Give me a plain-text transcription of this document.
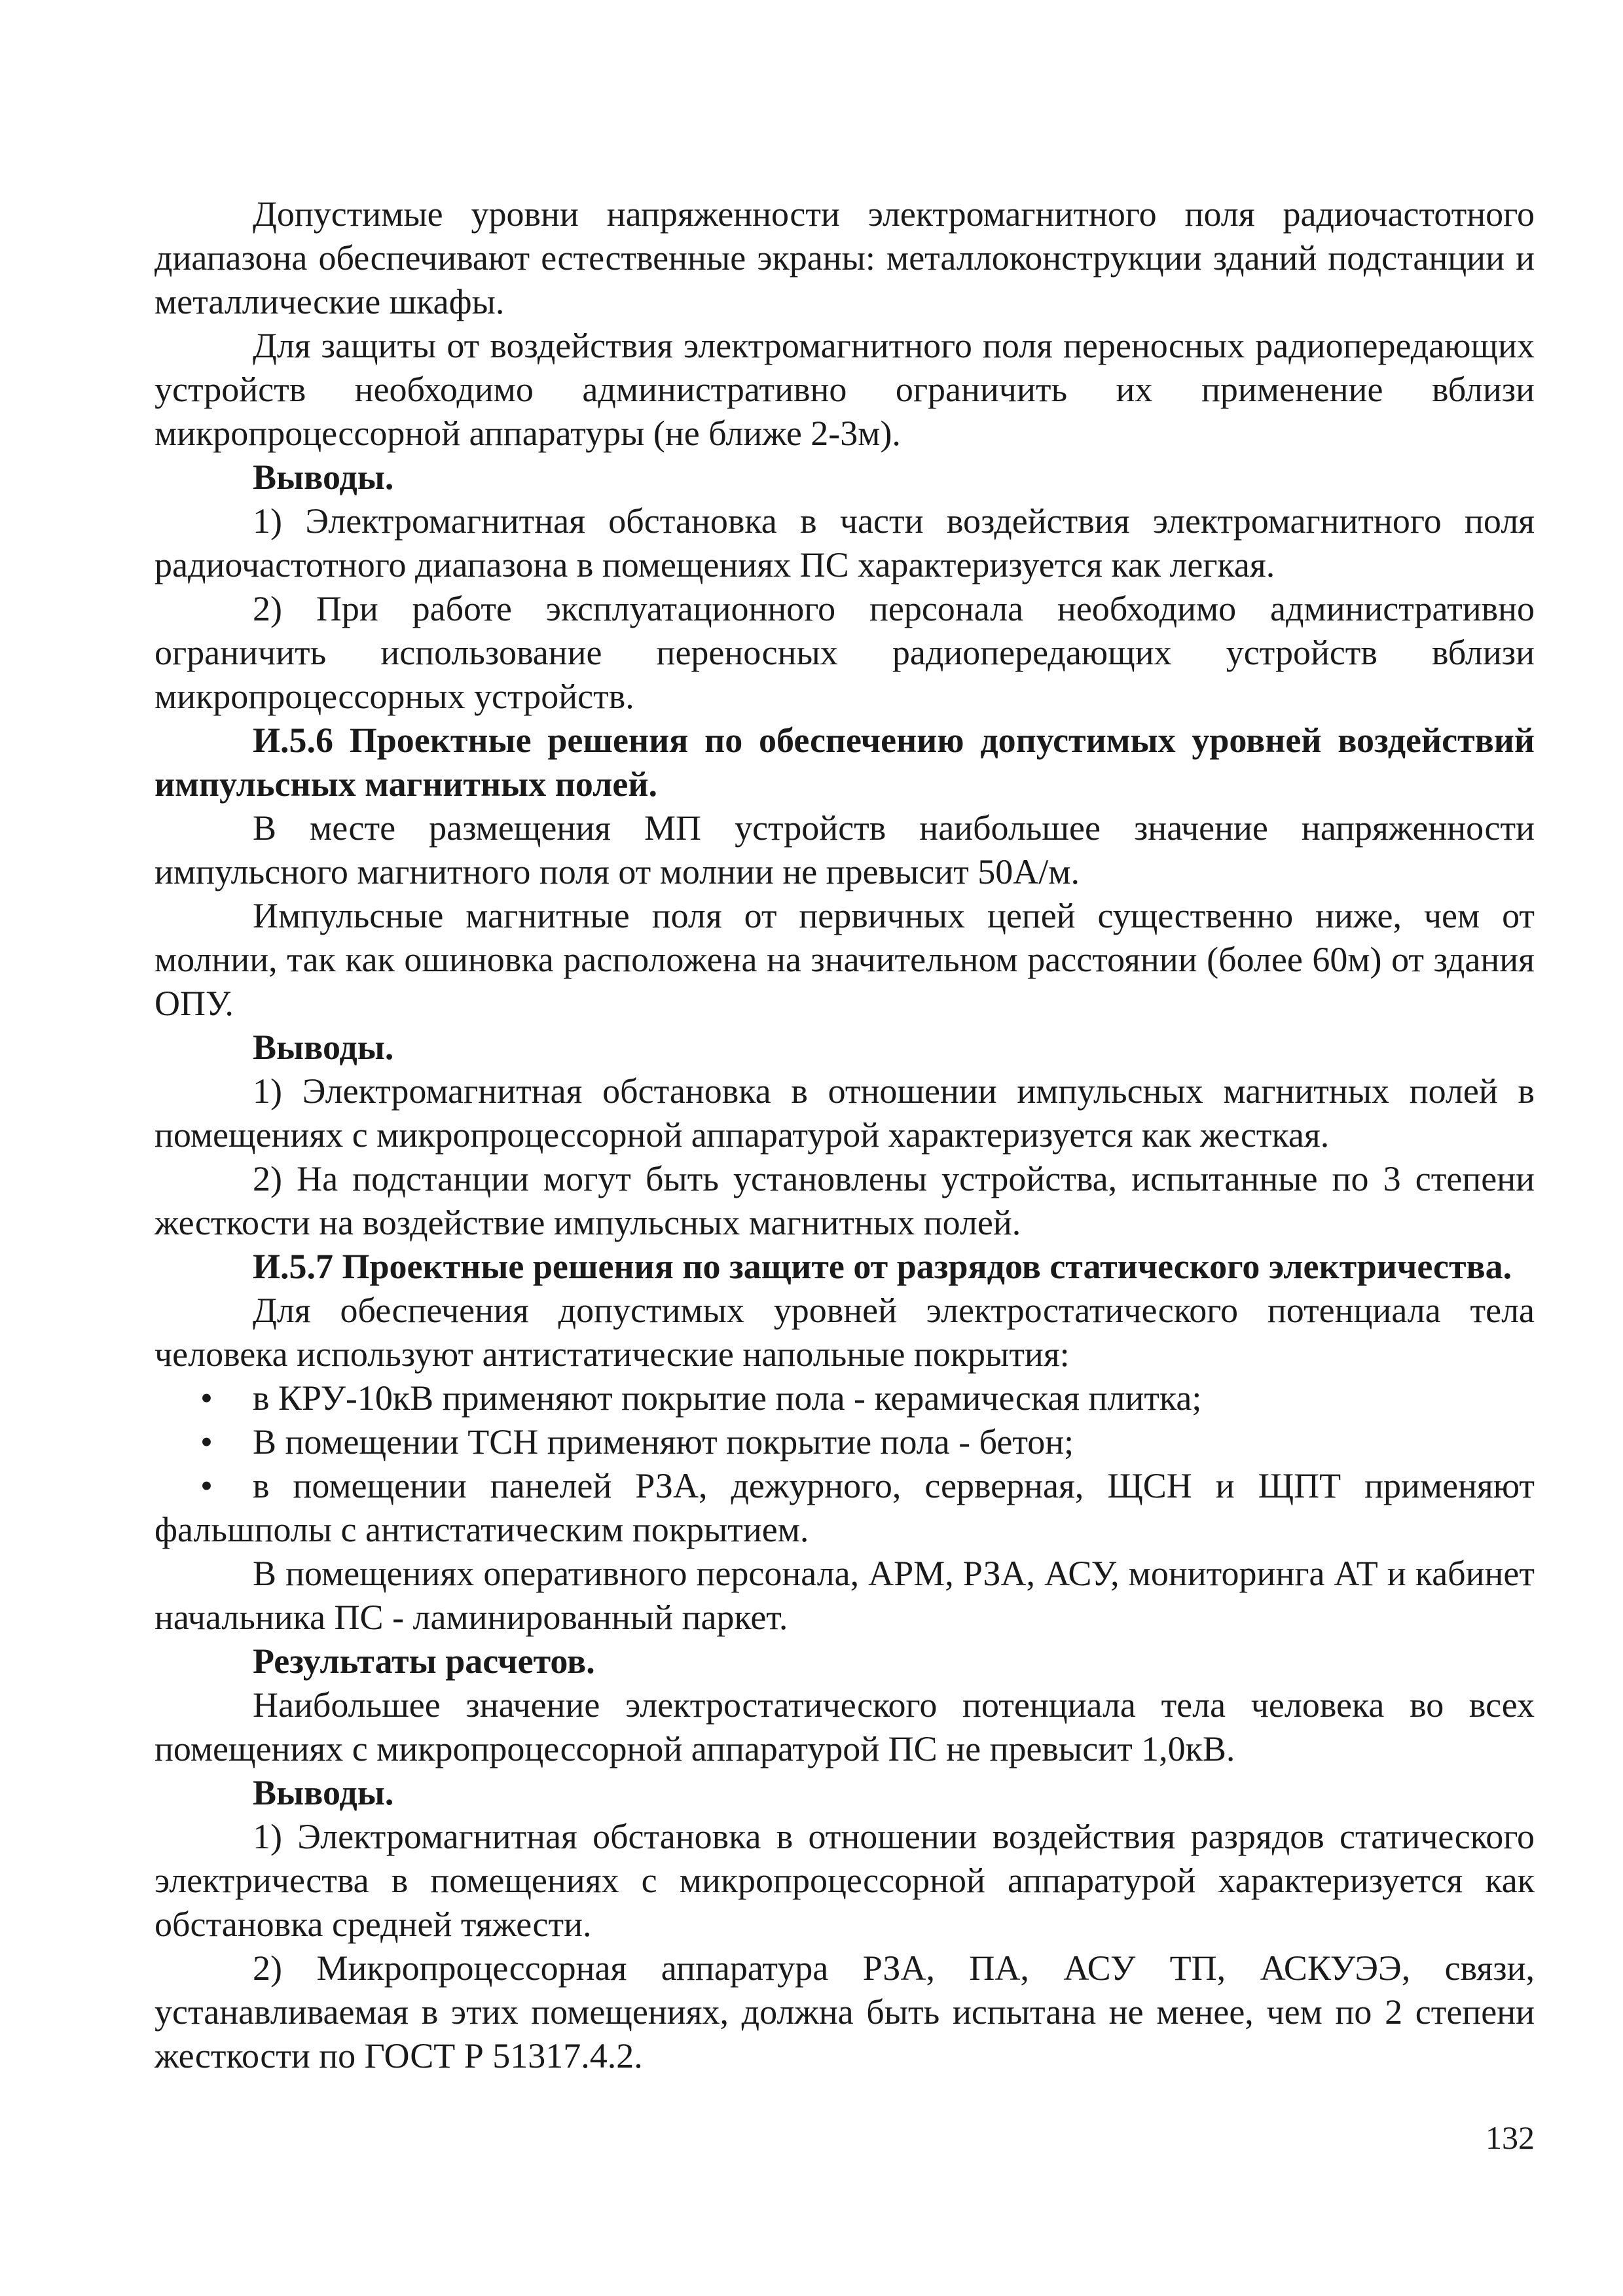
Допустимые уровни напряженности электромагнитного поля радиочастотного диапазона обеспечивают естественные экраны: металлоконструкции зданий подстанции и металлические шкафы.

Для защиты от воздействия электромагнитного поля переносных радиопередающих устройств необходимо административно ограничить их применение вблизи микропроцессорной аппаратуры (не ближе 2-3м).

Выводы.

1) Электромагнитная обстановка в части воздействия электромагнитного поля радиочастотного диапазона в помещениях ПС характеризуется как легкая.

2) При работе эксплуатационного персонала необходимо административно ограничить использование переносных радиопередающих устройств вблизи микропроцессорных устройств.

И.5.6 Проектные решения по обеспечению допустимых уровней воздействий импульсных магнитных полей.

В месте размещения МП устройств наибольшее значение напряженности импульсного магнитного поля от молнии не превысит 50А/м.

Импульсные магнитные поля от первичных цепей существенно ниже, чем от молнии, так как ошиновка расположена на значительном расстоянии (более 60м) от здания ОПУ.

Выводы.

1) Электромагнитная обстановка в отношении импульсных магнитных полей в помещениях с микропроцессорной аппаратурой характеризуется как жесткая.

2) На подстанции могут быть установлены устройства, испытанные по 3 степени жесткости на воздействие импульсных магнитных полей.

И.5.7 Проектные решения по защите от разрядов статического электричества.

Для обеспечения допустимых уровней электростатического потенциала тела человека используют антистатические напольные покрытия:

• в КРУ-10кВ применяют покрытие пола - керамическая плитка;
• В помещении ТСН применяют покрытие пола - бетон;
• в помещении панелей РЗА, дежурного, серверная, ЩСН и ЩПТ применяют фальшполы с антистатическим покрытием.

В помещениях оперативного персонала, АРМ, РЗА, АСУ, мониторинга АТ и кабинет начальника ПС - ламинированный паркет.

Результаты расчетов.

Наибольшее значение электростатического потенциала тела человека во всех помещениях с микропроцессорной аппаратурой ПС не превысит 1,0кВ.

Выводы.

1) Электромагнитная обстановка в отношении воздействия разрядов статического электричества в помещениях с микропроцессорной аппаратурой характеризуется как обстановка средней тяжести.

2) Микропроцессорная аппаратура РЗА, ПА, АСУ ТП, АСКУЭЭ, связи, устанавливаемая в этих помещениях, должна быть испытана не менее, чем по 2 степени жесткости по ГОСТ Р 51317.4.2.

132
